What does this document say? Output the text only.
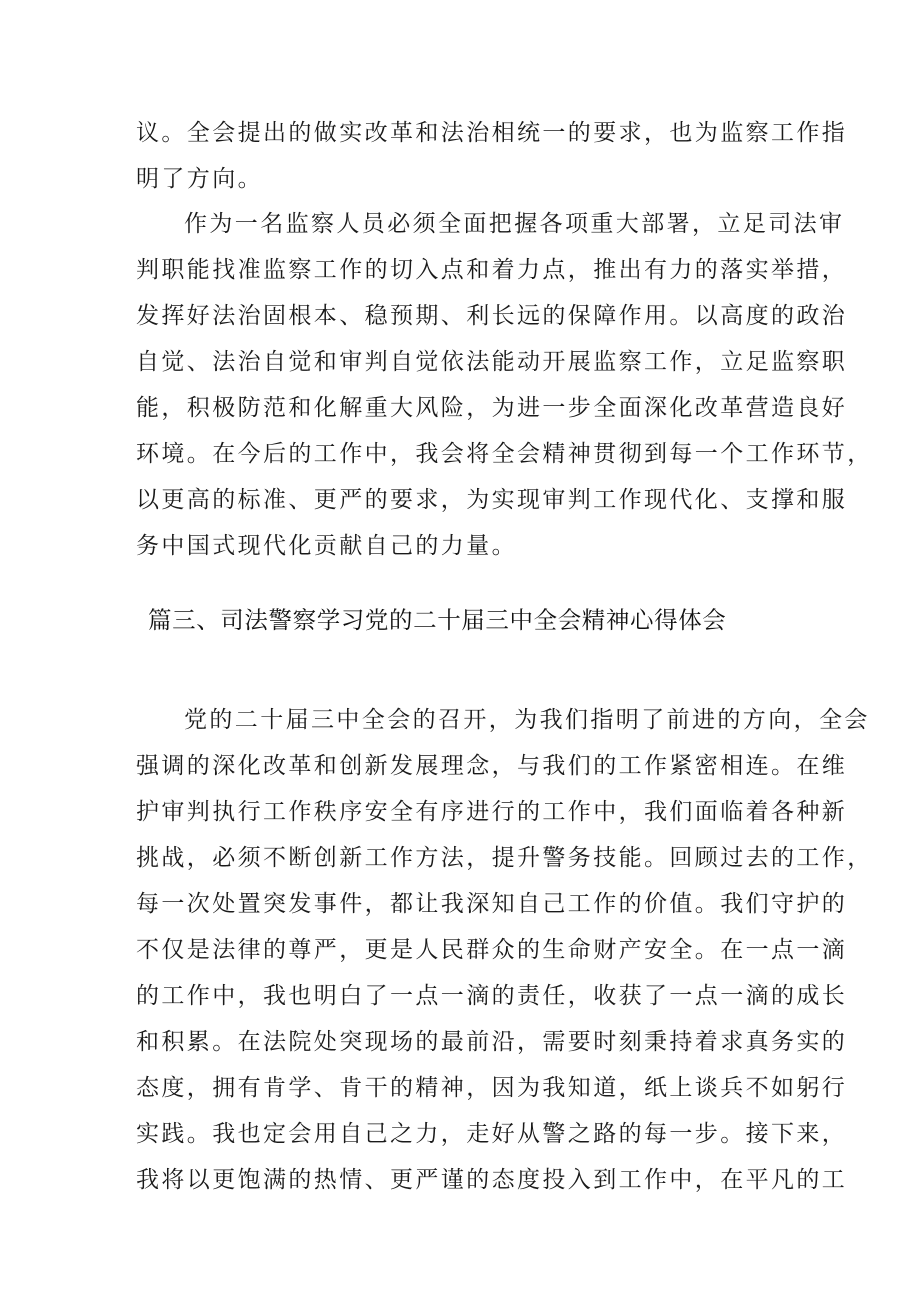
议。全会提出的做实改革和法治相统一的要求，也为监察工作指
明了方向。
作为一名监察人员必须全面把握各项重大部署，立足司法审
判职能找准监察工作的切入点和着力点，推出有力的落实举措，
发挥好法治固根本、稳预期、利长远的保障作用。以高度的政治
自觉、法治自觉和审判自觉依法能动开展监察工作，立足监察职
能，积极防范和化解重大风险，为进一步全面深化改革营造良好
环境。在今后的工作中，我会将全会精神贯彻到每一个工作环节，
以更高的标准、更严的要求，为实现审判工作现代化、支撑和服
务中国式现代化贡献自己的力量。
篇三、司法警察学习党的二十届三中全会精神心得体会
党的二十届三中全会的召开，为我们指明了前进的方向，全会
强调的深化改革和创新发展理念，与我们的工作紧密相连。在维
护审判执行工作秩序安全有序进行的工作中，我们面临着各种新
挑战，必须不断创新工作方法，提升警务技能。回顾过去的工作，
每一次处置突发事件，都让我深知自己工作的价值。我们守护的
不仅是法律的尊严，更是人民群众的生命财产安全。在一点一滴
的工作中，我也明白了一点一滴的责任，收获了一点一滴的成长
和积累。在法院处突现场的最前沿，需要时刻秉持着求真务实的
态度，拥有肯学、肯干的精神，因为我知道，纸上谈兵不如躬行
实践。我也定会用自己之力，走好从警之路的每一步。接下来，
我将以更饱满的热情、更严谨的态度投入到工作中，在平凡的工
